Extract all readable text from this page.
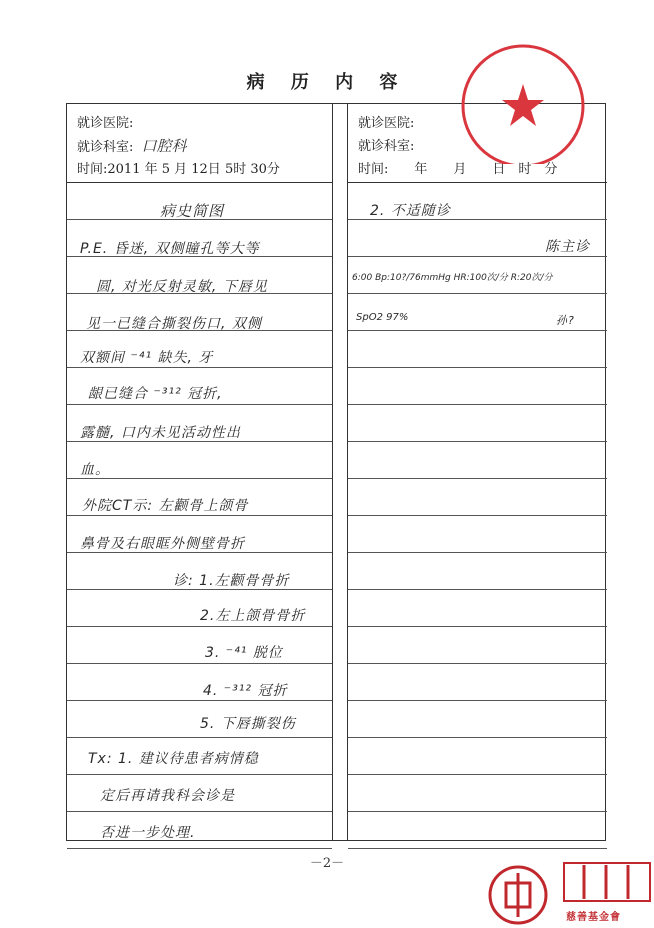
病 历 内 容
就诊医院:
就诊科室: 口腔科
时间:2011 年 5 月 12日 5时 30分
就诊医院:
就诊科室:
时间:　　年　　月　　日　时　分
病史简图
P.E. 昏迷, 双侧瞳孔等大等
圆, 对光反射灵敏, 下唇见
见一已缝合撕裂伤口, 双侧
双额间 ⁻⁴¹ 缺失, 牙
龈已缝合 ⁻³¹² 冠折,
露髓, 口内未见活动性出
血。
外院CT示: 左颧骨上颌骨
鼻骨及右眼眶外侧壁骨折
诊: 1.左颧骨骨折
2.左上颌骨骨折
3. ⁻⁴¹ 脱位
4. ⁻³¹² 冠折
5. 下唇撕裂伤
Tx: 1. 建议待患者病情稳
定后再请我科会诊是
否进一步处理.
2. 不适随诊
陈主诊
6:00 Bp:10?/76mmHg HR:100次/分 R:20次/分
SpO2 97%	孙?
－2－
慈善基金會
